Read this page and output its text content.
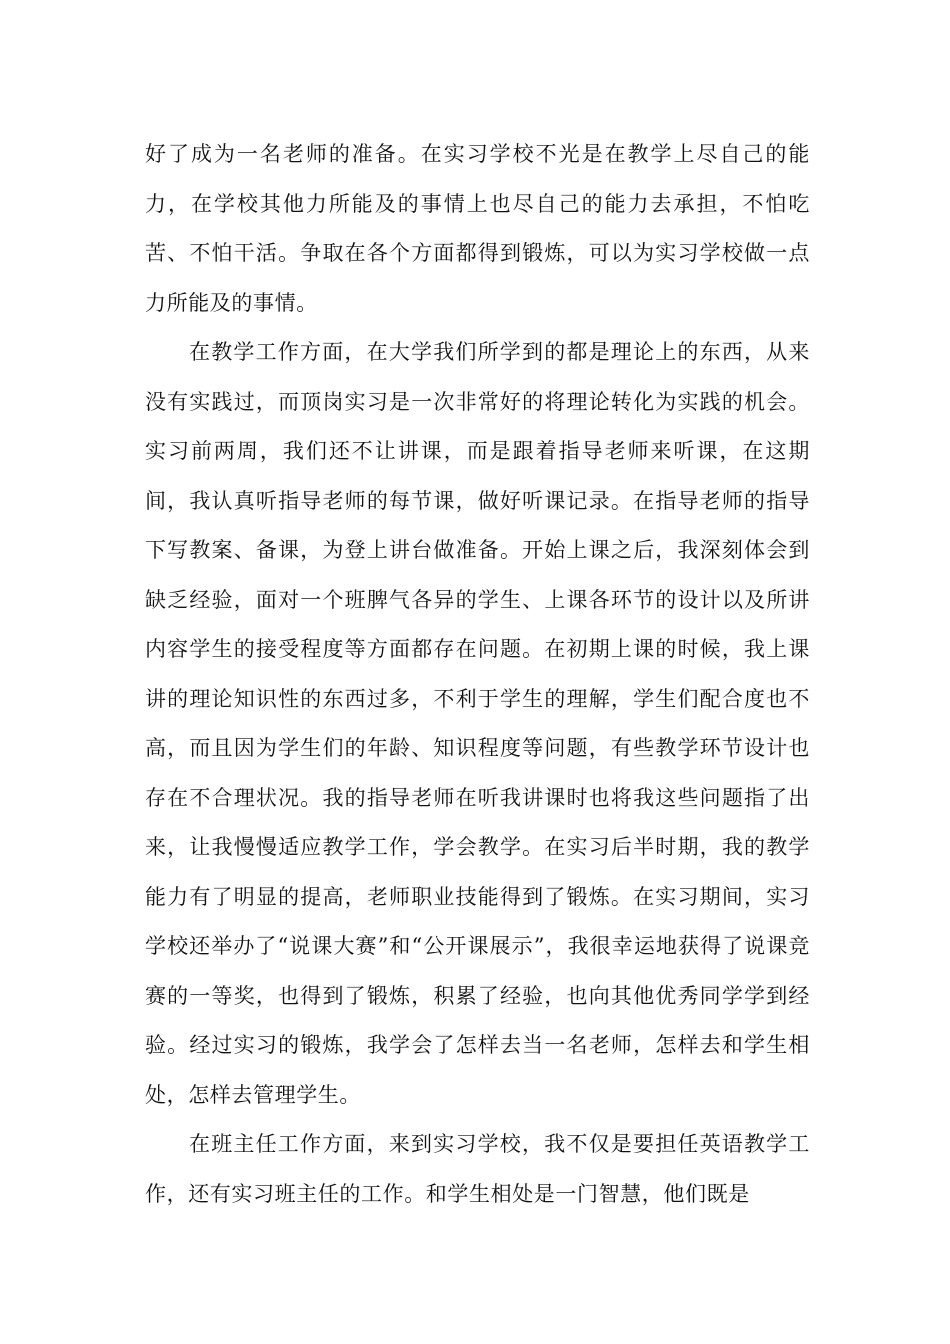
好了成为一名老师的准备。在实习学校不光是在教学上尽自己的能力，在学校其他力所能及的事情上也尽自己的能力去承担，不怕吃苦、不怕干活。争取在各个方面都得到锻炼，可以为实习学校做一点力所能及的事情。

在教学工作方面，在大学我们所学到的都是理论上的东西，从来没有实践过，而顶岗实习是一次非常好的将理论转化为实践的机会。实习前两周，我们还不让讲课，而是跟着指导老师来听课，在这期间，我认真听指导老师的每节课，做好听课记录。在指导老师的指导下写教案、备课，为登上讲台做准备。开始上课之后，我深刻体会到缺乏经验，面对一个班脾气各异的学生、上课各环节的设计以及所讲内容学生的接受程度等方面都存在问题。在初期上课的时候，我上课讲的理论知识性的东西过多，不利于学生的理解，学生们配合度也不高，而且因为学生们的年龄、知识程度等问题，有些教学环节设计也存在不合理状况。我的指导老师在听我讲课时也将我这些问题指了出来，让我慢慢适应教学工作，学会教学。在实习后半时期，我的教学能力有了明显的提高，老师职业技能得到了锻炼。在实习期间，实习学校还举办了“说课大赛”和“公开课展示”，我很幸运地获得了说课竞赛的一等奖，也得到了锻炼，积累了经验，也向其他优秀同学学到经验。经过实习的锻炼，我学会了怎样去当一名老师，怎样去和学生相处，怎样去管理学生。

在班主任工作方面，来到实习学校，我不仅是要担任英语教学工作，还有实习班主任的工作。和学生相处是一门智慧，他们既是
